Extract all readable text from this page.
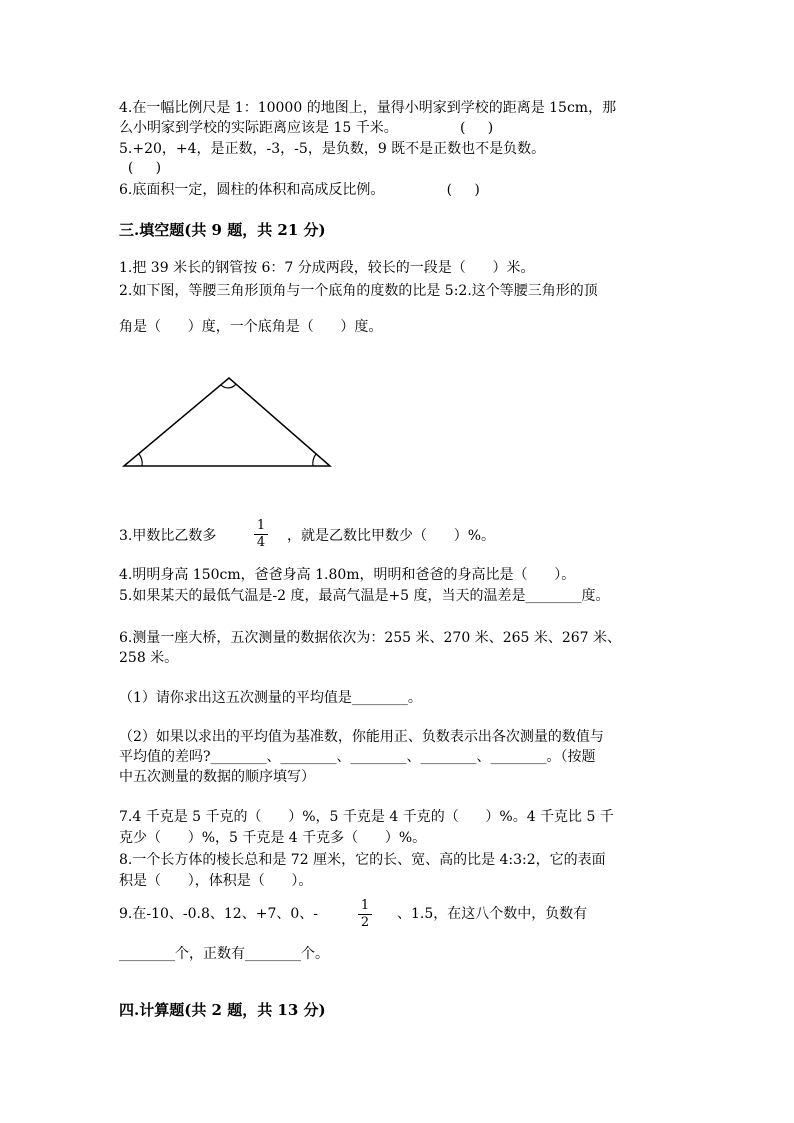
4.在一幅比例尺是 1：10000 的地图上，量得小明家到学校的距离是 15cm，那
么小明家到学校的实际距离应该是 15 千米。              (     )
5.+20，+4，是正数，-3，-5，是负数，9 既不是正数也不是负数。
(     )
6.底面积一定，圆柱的体积和高成反比例。              (     )
三.填空题(共 9 题，共 21 分)
1.把 39 米长的钢管按 6：7 分成两段，较长的一段是（      ）米。
2.如下图，等腰三角形顶角与一个底角的度数的比是 5:2.这个等腰三角形的顶
角是（      ）度，一个底角是（      ）度。
3.甲数比乙数多
1
4 ，就是乙数比甲数少（      ）%。
4.明明身高 150cm，爸爸身高 1.80m，明明和爸爸的身高比是（      ）。
5.如果某天的最低气温是-2 度，最高气温是+5 度，当天的温差是________度。
6.测量一座大桥，五次测量的数据依次为：255 米、270 米、265 米、267 米、
258 米。
（1）请你求出这五次测量的平均值是________。
（2）如果以求出的平均值为基准数，你能用正、负数表示出各次测量的数值与
平均值的差吗?________、________、________、________、________。（按题
中五次测量的数据的顺序填写）
7.4 千克是 5 千克的（      ）%，5 千克是 4 千克的（      ）%。4 千克比 5 千
克少（      ）%，5 千克是 4 千克多（      ）%。
8.一个长方体的棱长总和是 72 厘米，它的长、宽、高的比是 4:3:2，它的表面
积是（      ），体积是（      ）。
9.在-10、-0.8、12、+7、0、-
1
2
、1.5，在这八个数中，负数有
________个，正数有________个。
四.计算题(共 2 题，共 13 分)
